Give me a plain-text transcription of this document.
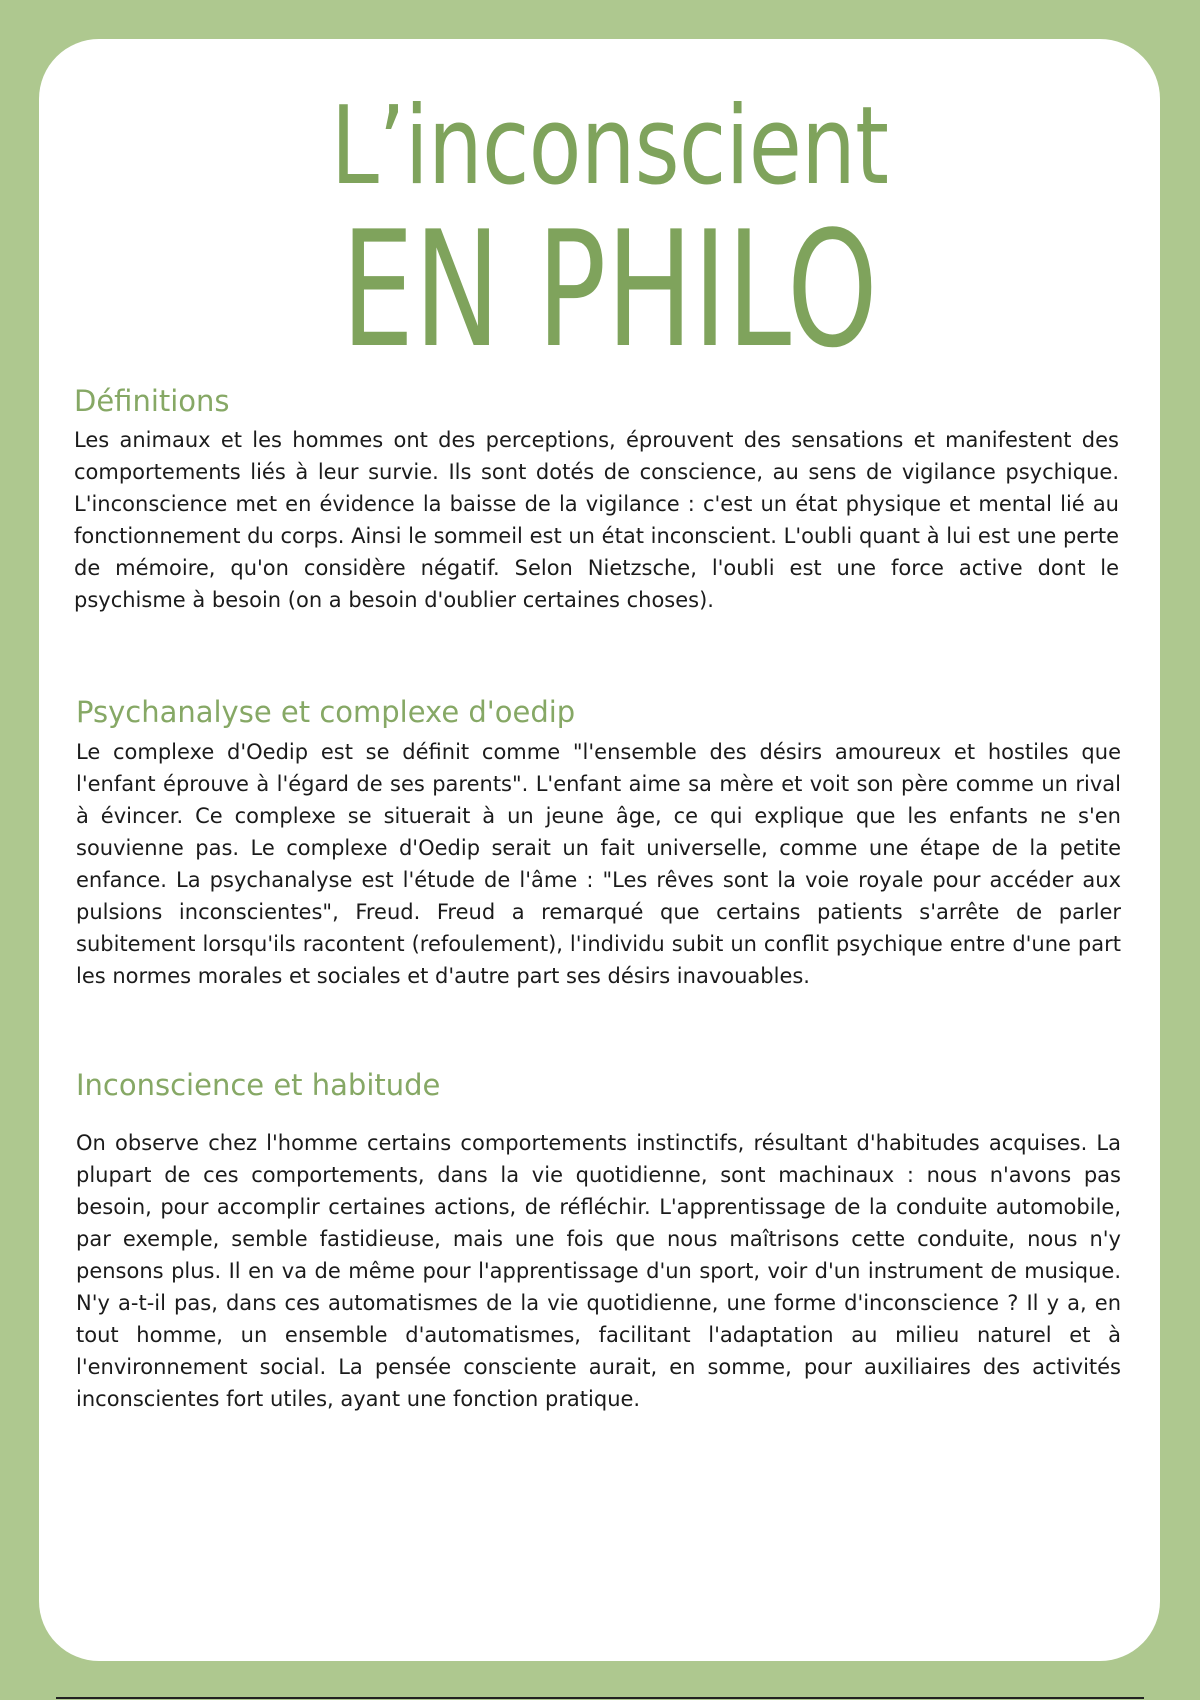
L’inconscient
EN PHILO
Définitions

Les animaux et les hommes ont des perceptions, éprouvent des sensations et manifestent des comportements liés à leur survie. Ils sont dotés de conscience, au sens de vigilance psychique. L'inconscience met en évidence la baisse de la vigilance : c'est un état physique et mental lié au fonctionnement du corps. Ainsi le sommeil est un état inconscient. L'oubli quant à lui est une perte de mémoire, qu'on considère négatif. Selon Nietzsche, l'oubli est une force active dont le psychisme à besoin (on a besoin d'oublier certaines choses).

Psychanalyse et complexe d'oedip

Le complexe d'Oedip est se définit comme "l'ensemble des désirs amoureux et hostiles que l'enfant éprouve à l'égard de ses parents". L'enfant aime sa mère et voit son père comme un rival à évincer. Ce complexe se situerait à un jeune âge, ce qui explique que les enfants ne s'en souvienne pas. Le complexe d'Oedip serait un fait universelle, comme une étape de la petite enfance. La psychanalyse est l'étude de l'âme : "Les rêves sont la voie royale pour accéder aux pulsions inconscientes", Freud. Freud a remarqué que certains patients s'arrête de parler subitement lorsqu'ils racontent (refoulement), l'individu subit un conflit psychique entre d'une part les normes morales et sociales et d'autre part ses désirs inavouables.

Inconscience et habitude

On observe chez l'homme certains comportements instinctifs, résultant d'habitudes acquises. La plupart de ces comportements, dans la vie quotidienne, sont machinaux : nous n'avons pas besoin, pour accomplir certaines actions, de réfléchir. L'apprentissage de la conduite automobile, par exemple, semble fastidieuse, mais une fois que nous maîtrisons cette conduite, nous n'y pensons plus. Il en va de même pour l'apprentissage d'un sport, voir d'un instrument de musique. N'y a-t-il pas, dans ces automatismes de la vie quotidienne, une forme d'inconscience ? Il y a, en tout homme, un ensemble d'automatismes, facilitant l'adaptation au milieu naturel et à l'environnement social. La pensée consciente aurait, en somme, pour auxiliaires des activités inconscientes fort utiles, ayant une fonction pratique.
